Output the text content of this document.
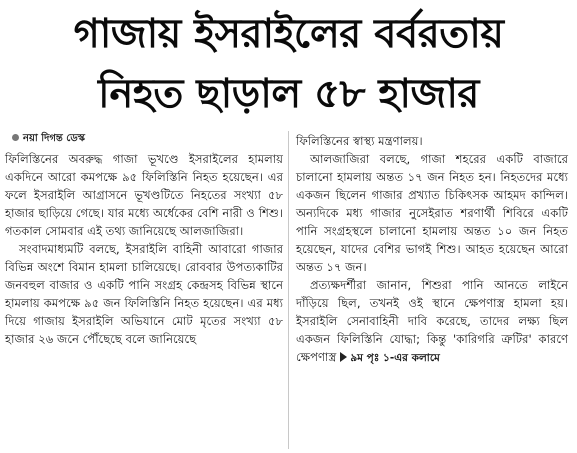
গাজায় ইসরাইলের বর্বরতায়
নিহত ছাড়াল ৫৮ হাজার
নয়া দিগন্ত ডেস্ক

ফিলিস্তিনের অবরুদ্ধ গাজা ভূখণ্ডে ইসরাইলের হামলায় একদিনে আরো কমপক্ষে ৯৫ ফিলিস্তিনি নিহত হয়েছেন। এর ফলে ইসরাইলি আগ্রাসনে ভূখণ্ডটিতে নিহতের সংখ্যা ৫৮ হাজার ছাড়িয়ে গেছে। যার মধ্যে অর্ধেকের বেশি নারী ও শিশু। গতকাল সোমবার এই তথ্য জানিয়েছে আলজাজিরা।

সংবাদমাধ্যমটি বলছে, ইসরাইলি বাহিনী আবারো গাজার বিভিন্ন অংশে বিমান হামলা চালিয়েছে। রোববার উপত্যকাটির জনবহুল বাজার ও একটি পানি সংগ্রহ কেন্দ্রসহ বিভিন্ন স্থানে হামলায় কমপক্ষে ৯৫ জন ফিলিস্তিনি নিহত হয়েছেন। এর মধ্য দিয়ে গাজায় ইসরাইলি অভিযানে মোট মৃতের সংখ্যা ৫৮ হাজার ২৬ জনে পৌঁছেছে বলে জানিয়েছে

ফিলিস্তিনের স্বাস্থ্য মন্ত্রণালয়।

আলজাজিরা বলছে, গাজা শহরের একটি বাজারে চালানো হামলায় অন্তত ১৭ জন নিহত হন। নিহতদের মধ্যে একজন ছিলেন গাজার প্রখ্যাত চিকিৎসক আহমদ কান্দিল। অন্যদিকে মধ্য গাজার নুসেইরাত শরণার্থী শিবিরে একটি পানি সংগ্রহস্থলে চালানো হামলায় অন্তত ১০ জন নিহত হয়েছেন, যাদের বেশির ভাগই শিশু। আহত হয়েছেন আরো অন্তত ১৭ জন।

প্রত্যক্ষদর্শীরা জানান, শিশুরা পানি আনতে লাইনে দাঁড়িয়ে ছিল, তখনই ওই স্থানে ক্ষেপণাস্ত্র হামলা হয়। ইসরাইলি সেনাবাহিনী দাবি করেছে, তাদের লক্ষ্য ছিল একজন ফিলিস্তিনি যোদ্ধা; কিন্তু 'কারিগরি ত্রুটির' কারণে ক্ষেপণাস্ত্র ৯ম পৃঃ ১-এর কলামে
